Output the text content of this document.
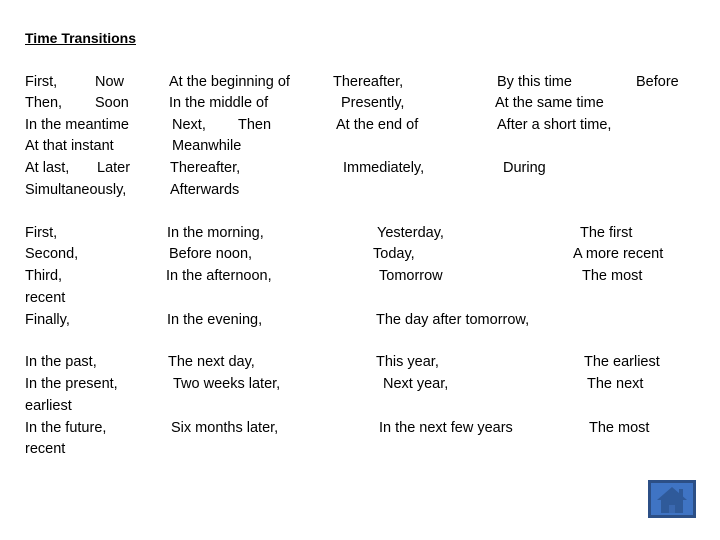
Time Transitions
First,	Now
Then, Soon
In the meantime
At that instant
At last, Later
Simultaneously,
At the beginning of
In the middle of
Next, Then
Meanwhile
Thereafter,
Afterwards
Thereafter,
Presently,
At the end of
Immediately,
By this time	Before
At the same time
After a short time,
During
First,
Second,
Third,
recent
Finally,
In the morning,
Before noon,
In the afternoon,
In the evening,
Yesterday,
Today,
Tomorrow
The day after tomorrow,
The first
A more recent
The most
In the past,
In the present,
earliest
In the future,
recent
The next day,
Two weeks later,
Six months later,
This year,
Next year,
In the next few years
The earliest
The next
The most
